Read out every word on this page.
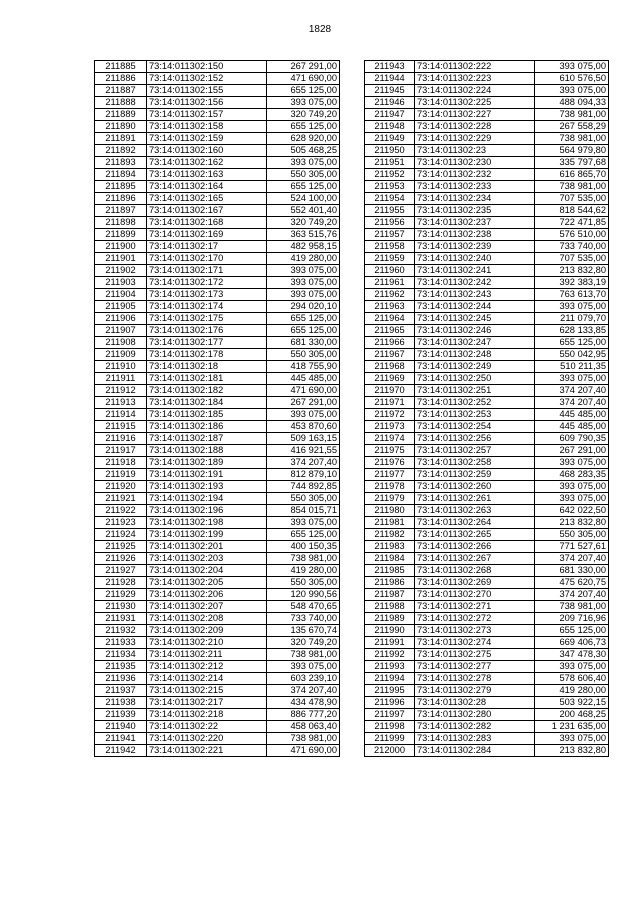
1828
211885	73:14:011302:150	267 291,00
211886	73:14:011302:152	471 690,00
211887	73:14:011302:155	655 125,00
211888	73:14:011302:156	393 075,00
211889	73:14:011302:157	320 749,20
211890	73:14:011302:158	655 125,00
211891	73:14:011302:159	628 920,00
211892	73:14:011302:160	505 468,25
211893	73:14:011302:162	393 075,00
211894	73:14:011302:163	550 305,00
211895	73:14:011302:164	655 125,00
211896	73:14:011302:165	524 100,00
211897	73:14:011302:167	552 401,40
211898	73:14:011302:168	320 749,20
211899	73:14:011302:169	363 515,76
211900	73:14:011302:17	482 958,15
211901	73:14:011302:170	419 280,00
211902	73:14:011302:171	393 075,00
211903	73:14:011302:172	393 075,00
211904	73:14:011302:173	393 075,00
211905	73:14:011302:174	294 020,10
211906	73:14:011302:175	655 125,00
211907	73:14:011302:176	655 125,00
211908	73:14:011302:177	681 330,00
211909	73:14:011302:178	550 305,00
211910	73:14:011302:18	418 755,90
211911	73:14:011302:181	445 485,00
211912	73:14:011302:182	471 690,00
211913	73:14:011302:184	267 291,00
211914	73:14:011302:185	393 075,00
211915	73:14:011302:186	453 870,60
211916	73:14:011302:187	509 163,15
211917	73:14:011302:188	416 921,55
211918	73:14:011302:189	374 207,40
211919	73:14:011302:191	812 879,10
211920	73:14:011302:193	744 892,85
211921	73:14:011302:194	550 305,00
211922	73:14:011302:196	854 015,71
211923	73:14:011302:198	393 075,00
211924	73:14:011302:199	655 125,00
211925	73:14:011302:201	400 150,35
211926	73:14:011302:203	738 981,00
211927	73:14:011302:204	419 280,00
211928	73:14:011302:205	550 305,00
211929	73:14:011302:206	120 990,56
211930	73:14:011302:207	548 470,65
211931	73:14:011302:208	733 740,00
211932	73:14:011302:209	135 670,74
211933	73:14:011302:210	320 749,20
211934	73:14:011302:211	738 981,00
211935	73:14:011302:212	393 075,00
211936	73:14:011302:214	603 239,10
211937	73:14:011302:215	374 207,40
211938	73:14:011302:217	434 478,90
211939	73:14:011302:218	886 777,20
211940	73:14:011302:22	458 063,40
211941	73:14:011302:220	738 981,00
211942	73:14:011302:221	471 690,00
211943	73:14:011302:222	393 075,00
211944	73:14:011302:223	610 576,50
211945	73:14:011302:224	393 075,00
211946	73:14:011302:225	488 094,33
211947	73:14:011302:227	738 981,00
211948	73:14:011302:228	267 558,29
211949	73:14:011302:229	738 981,00
211950	73:14:011302:23	564 979,80
211951	73:14:011302:230	335 797,68
211952	73:14:011302:232	616 865,70
211953	73:14:011302:233	738 981,00
211954	73:14:011302:234	707 535,00
211955	73:14:011302:235	818 544,62
211956	73:14:011302:237	722 471,85
211957	73:14:011302:238	576 510,00
211958	73:14:011302:239	733 740,00
211959	73:14:011302:240	707 535,00
211960	73:14:011302:241	213 832,80
211961	73:14:011302:242	392 383,19
211962	73:14:011302:243	763 613,70
211963	73:14:011302:244	393 075,00
211964	73:14:011302:245	211 079,70
211965	73:14:011302:246	628 133,85
211966	73:14:011302:247	655 125,00
211967	73:14:011302:248	550 042,95
211968	73:14:011302:249	510 211,35
211969	73:14:011302:250	393 075,00
211970	73:14:011302:251	374 207,40
211971	73:14:011302:252	374 207,40
211972	73:14:011302:253	445 485,00
211973	73:14:011302:254	445 485,00
211974	73:14:011302:256	609 790,35
211975	73:14:011302:257	267 291,00
211976	73:14:011302:258	393 075,00
211977	73:14:011302:259	468 283,35
211978	73:14:011302:260	393 075,00
211979	73:14:011302:261	393 075,00
211980	73:14:011302:263	642 022,50
211981	73:14:011302:264	213 832,80
211982	73:14:011302:265	550 305,00
211983	73:14:011302:266	771 527,61
211984	73:14:011302:267	374 207,40
211985	73:14:011302:268	681 330,00
211986	73:14:011302:269	475 620,75
211987	73:14:011302:270	374 207,40
211988	73:14:011302:271	738 981,00
211989	73:14:011302:272	209 716,96
211990	73:14:011302:273	655 125,00
211991	73:14:011302:274	669 406,73
211992	73:14:011302:275	347 478,30
211993	73:14:011302:277	393 075,00
211994	73:14:011302:278	578 606,40
211995	73:14:011302:279	419 280,00
211996	73:14:011302:28	503 922,15
211997	73:14:011302:280	200 468,25
211998	73:14:011302:282	1 231 635,00
211999	73:14:011302:283	393 075,00
212000	73:14:011302:284	213 832,80
